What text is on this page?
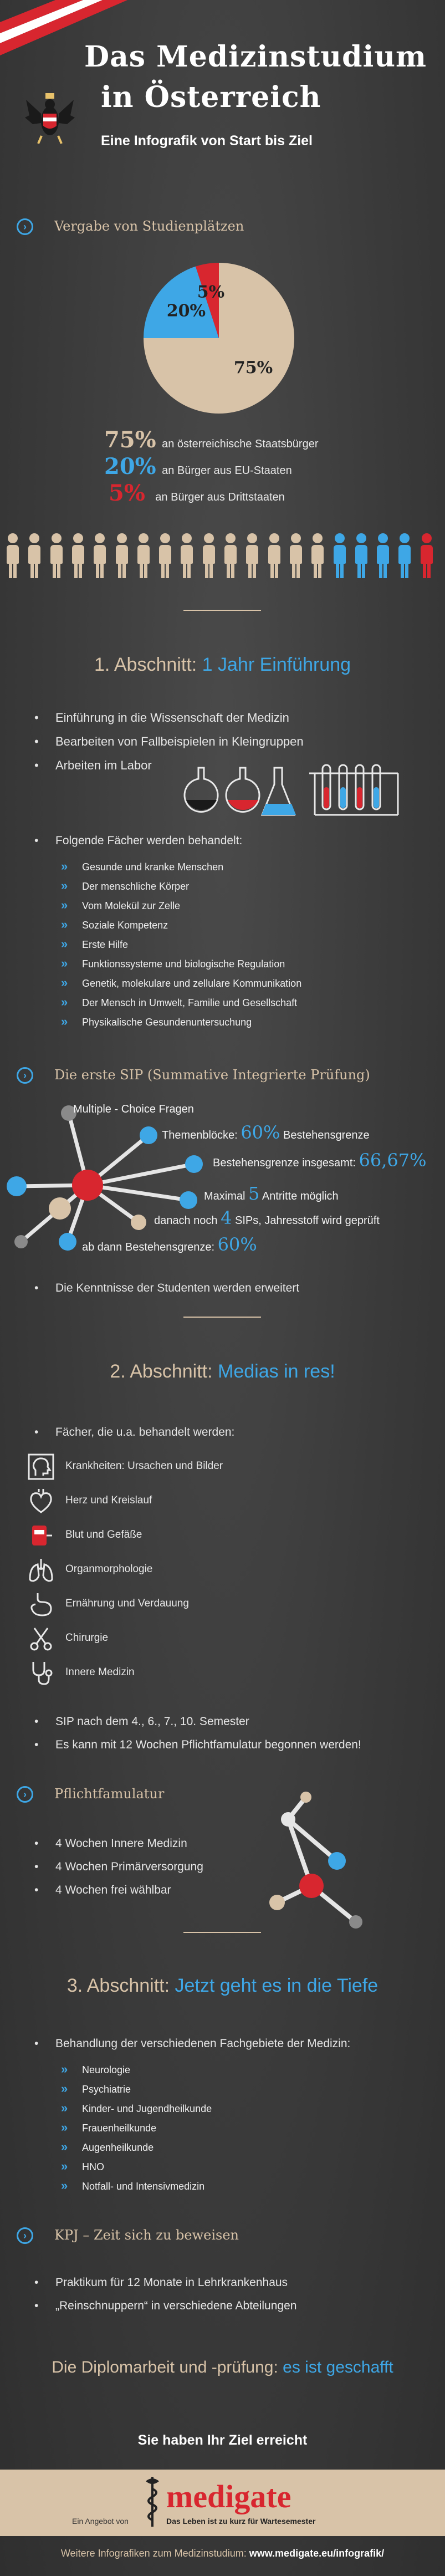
Das Medizinstudium
in Österreich
Eine Infografik von Start bis Ziel
›	Vergabe von Studienplätzen
75%
20%
5%
75% an österreichische Staatsbürger
20% an Bürger aus EU-Staaten
5% an Bürger aus Drittstaaten
1. Abschnitt: 1 Jahr Einführung
• Einführung in die Wissenschaft der Medizin
• Bearbeiten von Fallbeispielen in Kleingruppen
• Arbeiten im Labor
• Folgende Fächer werden behandelt:
» Gesunde und kranke Menschen
» Der menschliche Körper
» Vom Molekül zur Zelle
» Soziale Kompetenz
» Erste Hilfe
» Funktionssysteme und biologische Regulation
» Genetik, molekulare und zellulare Kommunikation
» Der Mensch in Umwelt, Familie und Gesellschaft
» Physikalische Gesundenuntersuchung
›	Die erste SIP (Summative Integrierte Prüfung)
Multiple - Choice Fragen
Themenblöcke: 60% Bestehensgrenze
Bestehensgrenze insgesamt: 66,67%
Maximal 5 Antritte möglich
danach noch 4 SIPs, Jahresstoff wird geprüft
ab dann Bestehensgrenze: 60%
• Die Kenntnisse der Studenten werden erweitert
2. Abschnitt: Medias in res!
• Fächer, die u.a. behandelt werden:
Krankheiten: Ursachen und Bilder
Herz und Kreislauf
Blut und Gefäße
Organmorphologie
Ernährung und Verdauung
Chirurgie
Innere Medizin
• SIP nach dem 4., 6., 7., 10. Semester
• Es kann mit 12 Wochen Pflichtfamulatur begonnen werden!
›	Pflichtfamulatur
• 4 Wochen Innere Medizin
• 4 Wochen Primärversorgung
• 4 Wochen frei wählbar
3. Abschnitt: Jetzt geht es in die Tiefe
• Behandlung der verschiedenen Fachgebiete der Medizin:
» Neurologie
» Psychiatrie
» Kinder- und Jugendheilkunde
» Frauenheilkunde
» Augenheilkunde
» HNO
» Notfall- und Intensivmedizin
›	KPJ – Zeit sich zu beweisen
• Praktikum für 12 Monate in Lehrkrankenhaus
• „Reinschnuppern“ in verschiedene Abteilungen
Die Diplomarbeit und -prüfung: es ist geschafft
Sie haben Ihr Ziel erreicht
Ein Angebot von
medigate
Das Leben ist zu kurz für Wartesemester
Weitere Infografiken zum Medizinstudium: www.medigate.eu/infografik/
